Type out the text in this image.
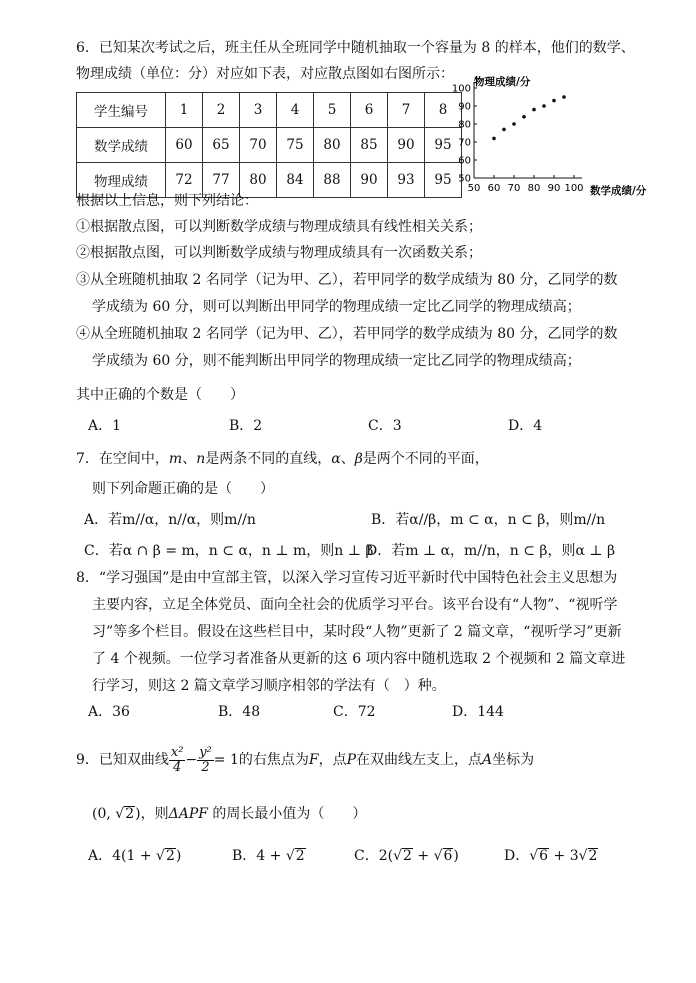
6．已知某次考试之后，班主任从全班同学中随机抽取一个容量为 8 的样本，他们的数学、
物理成绩（单位：分）对应如下表，对应散点图如右图所示：
学生编号	1	2	3	4	5	6	7	8
数学成绩	60	65	70	75	80	85	90	95
物理成绩	72	77	80	84	88	90	93	95
物理成绩/分
数学成绩/分
50 60 70 80 90 100
50
60
70
80
90
100
根据以上信息，则下列结论：
①根据散点图，可以判断数学成绩与物理成绩具有线性相关关系；
②根据散点图，可以判断数学成绩与物理成绩具有一次函数关系；
③从全班随机抽取 2 名同学（记为甲、乙），若甲同学的数学成绩为 80 分，乙同学的数
学成绩为 60 分，则可以判断出甲同学的物理成绩一定比乙同学的物理成绩高；
④从全班随机抽取 2 名同学（记为甲、乙），若甲同学的数学成绩为 80 分，乙同学的数
学成绩为 60 分，则不能判断出甲同学的物理成绩一定比乙同学的物理成绩高；
其中正确的个数是（　　）
A．1	B．2	C．3	D．4
7．在空间中，m、n是两条不同的直线，α、β是两个不同的平面，
则下列命题正确的是（　　）
A．若m//α，n//α，则m//n	B．若α//β，m ⊂ α，n ⊂ β，则m//n
C．若α ∩ β = m，n ⊂ α，n ⊥ m，则n ⊥ β
D．若m ⊥ α，m//n，n ⊂ β，则α ⊥ β
8．“学习强国”是由中宣部主管，以深入学习宣传习近平新时代中国特色社会主义思想为
主要内容，立足全体党员、面向全社会的优质学习平台。该平台设有“人物”、“视听学
习”等多个栏目。假设在这些栏目中，某时段“人物”更新了 2 篇文章，“视听学习”更新
了 4 个视频。一位学习者准备从更新的这 6 项内容中随机选取 2 个视频和 2 篇文章进
行学习，则这 2 篇文章学习顺序相邻的学法有（　）种。
A．36	B．48	C．72	D．144
9．已知双曲线 $\frac{\text{x²}}{4} - \frac{\text{y²}}{2} = 1$的右焦点为F，点P在双曲线左支上，点A坐标为
(0, √2)，则ΔAPF 的周长最小值为（　　）
A．4(1 + √2)	B．4 + √2	C．2(√2 + √6)	D．√6 + 3√2
